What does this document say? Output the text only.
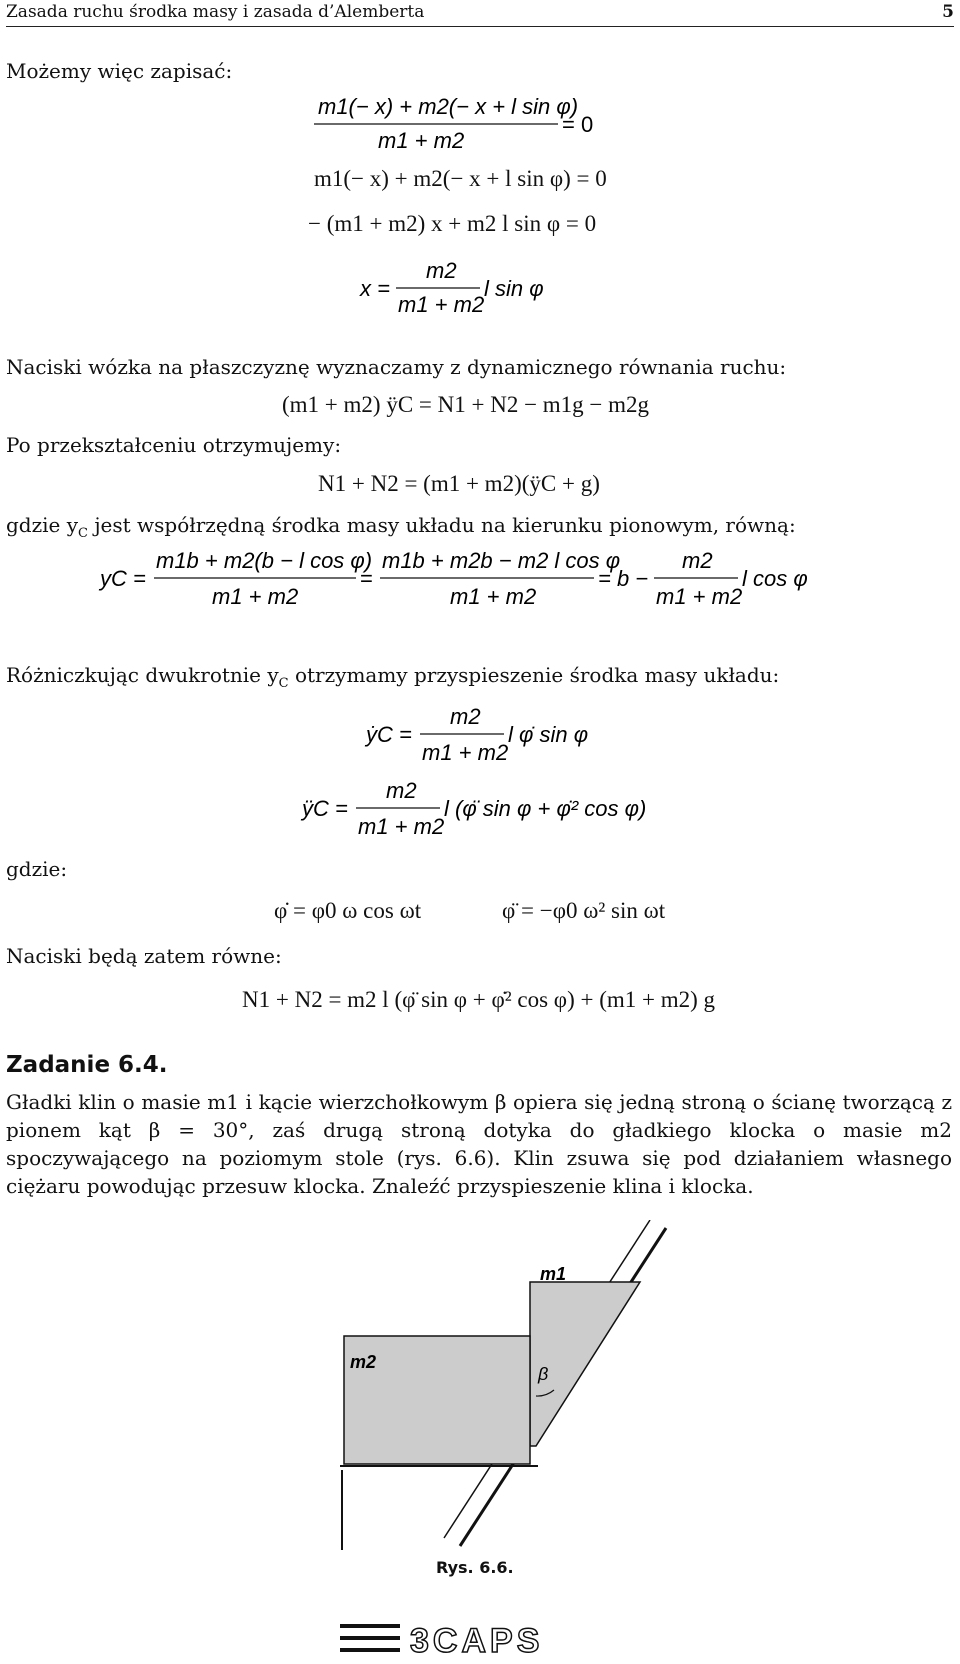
Zasada ruchu środka masy i zasada d’Alemberta	5
Możemy więc zapisać:
m1(− x) + m2(− x + l sin φ)
m1 + m2
= 0
m1(− x) + m2(− x + l sin φ) = 0
− (m1 + m2) x + m2 l sin φ = 0
x =
m2
m1 + m2
l sin φ
Naciski wózka na płaszczyznę wyznaczamy z dynamicznego równania ruchu:
(m1 + m2) ÿC = N1 + N2 − m1g − m2g
Po przekształceniu otrzymujemy:
N1 + N2 = (m1 + m2)(ÿC + g)
gdzie $y_C$ jest współrzędną środka masy układu na kierunku pionowym, równą:
yC =
m1b + m2(b − l cos φ)
m1 + m2
=
m1b + m2b − m2 l cos φ
m1 + m2
= b −
m2
m1 + m2
l cos φ
Różniczkując dwukrotnie $y_C$ otrzymamy przyspieszenie środka masy układu:
ẏC =
m2
m1 + m2
l φ̇ sin φ
ÿC =
m2
m1 + m2
l (φ̈ sin φ + φ̇² cos φ)
gdzie:
φ̇ = φ0 ω cos ωt	φ̈ = −φ0 ω² sin ωt
Naciski będą zatem równe:
N1 + N2 = m2 l (φ̈ sin φ + φ̇² cos φ) + (m1 + m2) g
Zadanie 6.4.
Gładki klin o masie m1 i kącie wierzchołkowym β opiera się jedną stroną o ścianę tworzącą z pionem kąt β = 30°, zaś drugą stroną dotyka do gładkiego klocka o masie m2 spoczywającego na poziomym stole (rys. 6.6). Klin zsuwa się pod działaniem własnego ciężaru powodując przesuw klocka. Znaleźć przyspieszenie klina i klocka.
m1
m2
β
Rys. 6.6.
3CAPS
